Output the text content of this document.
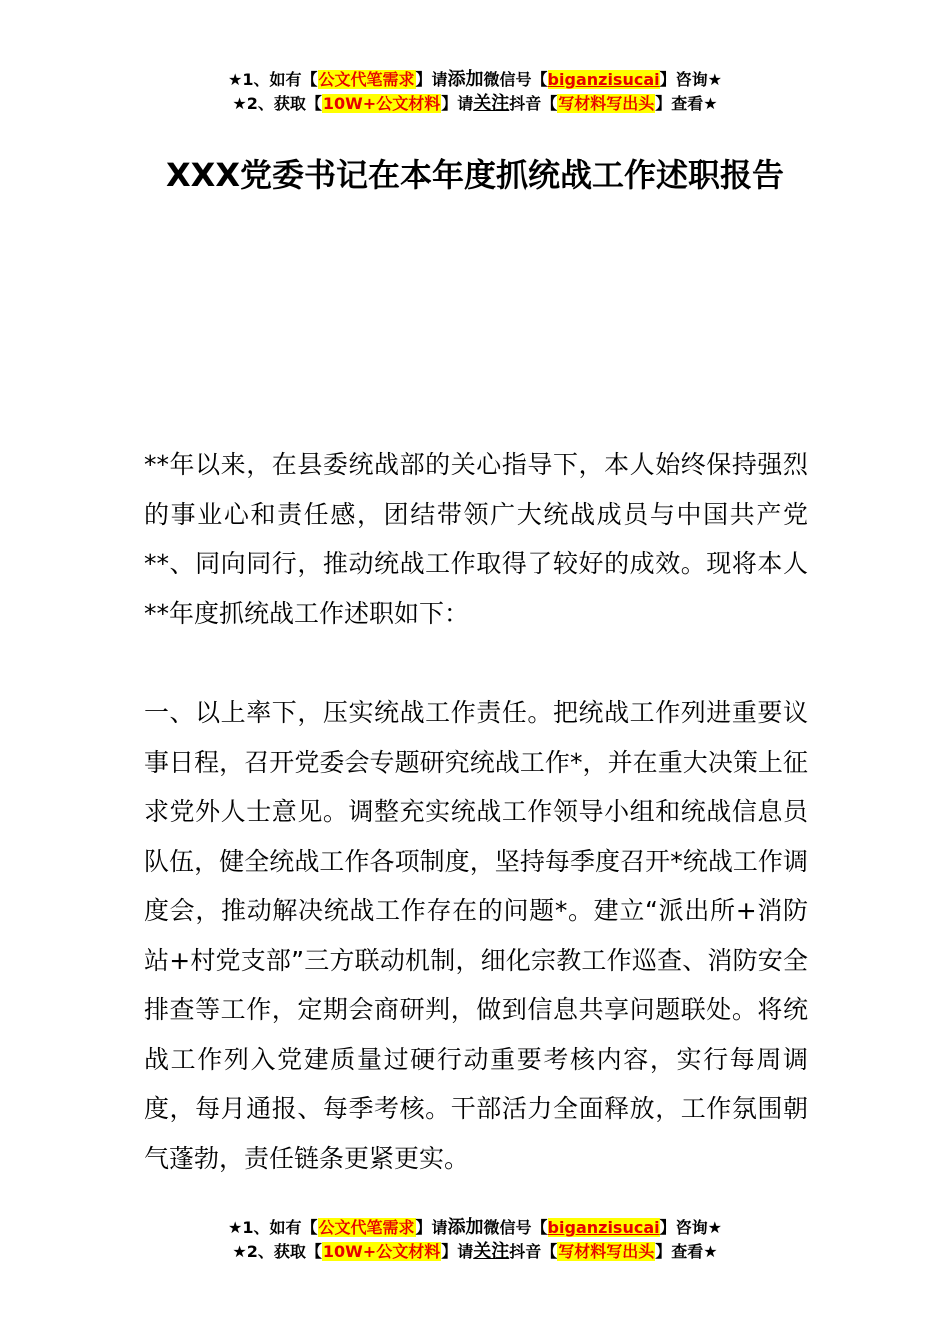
★1、如有【公文代笔需求】请添加微信号【biganzisucai】咨询★
★2、获取【10W+公文材料】请关注抖音【写材料写出头】查看★
XXX党委书记在本年度抓统战工作述职报告

**年以来，在县委统战部的关心指导下，本人始终保持强烈的事业心和责任感，团结带领广大统战成员与中国共产党**、同向同行，推动统战工作取得了较好的成效。现将本人**年度抓统战工作述职如下：

一、以上率下，压实统战工作责任。把统战工作列进重要议事日程，召开党委会专题研究统战工作*，并在重大决策上征求党外人士意见。调整充实统战工作领导小组和统战信息员队伍，健全统战工作各项制度，坚持每季度召开*统战工作调度会，推动解决统战工作存在的问题*。建立“派出所+消防站+村党支部”三方联动机制，细化宗教工作巡查、消防安全排查等工作，定期会商研判，做到信息共享问题联处。将统战工作列入党建质量过硬行动重要考核内容，实行每周调度，每月通报、每季考核。干部活力全面释放，工作氛围朝气蓬勃，责任链条更紧更实。

★1、如有【公文代笔需求】请添加微信号【biganzisucai】咨询★
★2、获取【10W+公文材料】请关注抖音【写材料写出头】查看★
